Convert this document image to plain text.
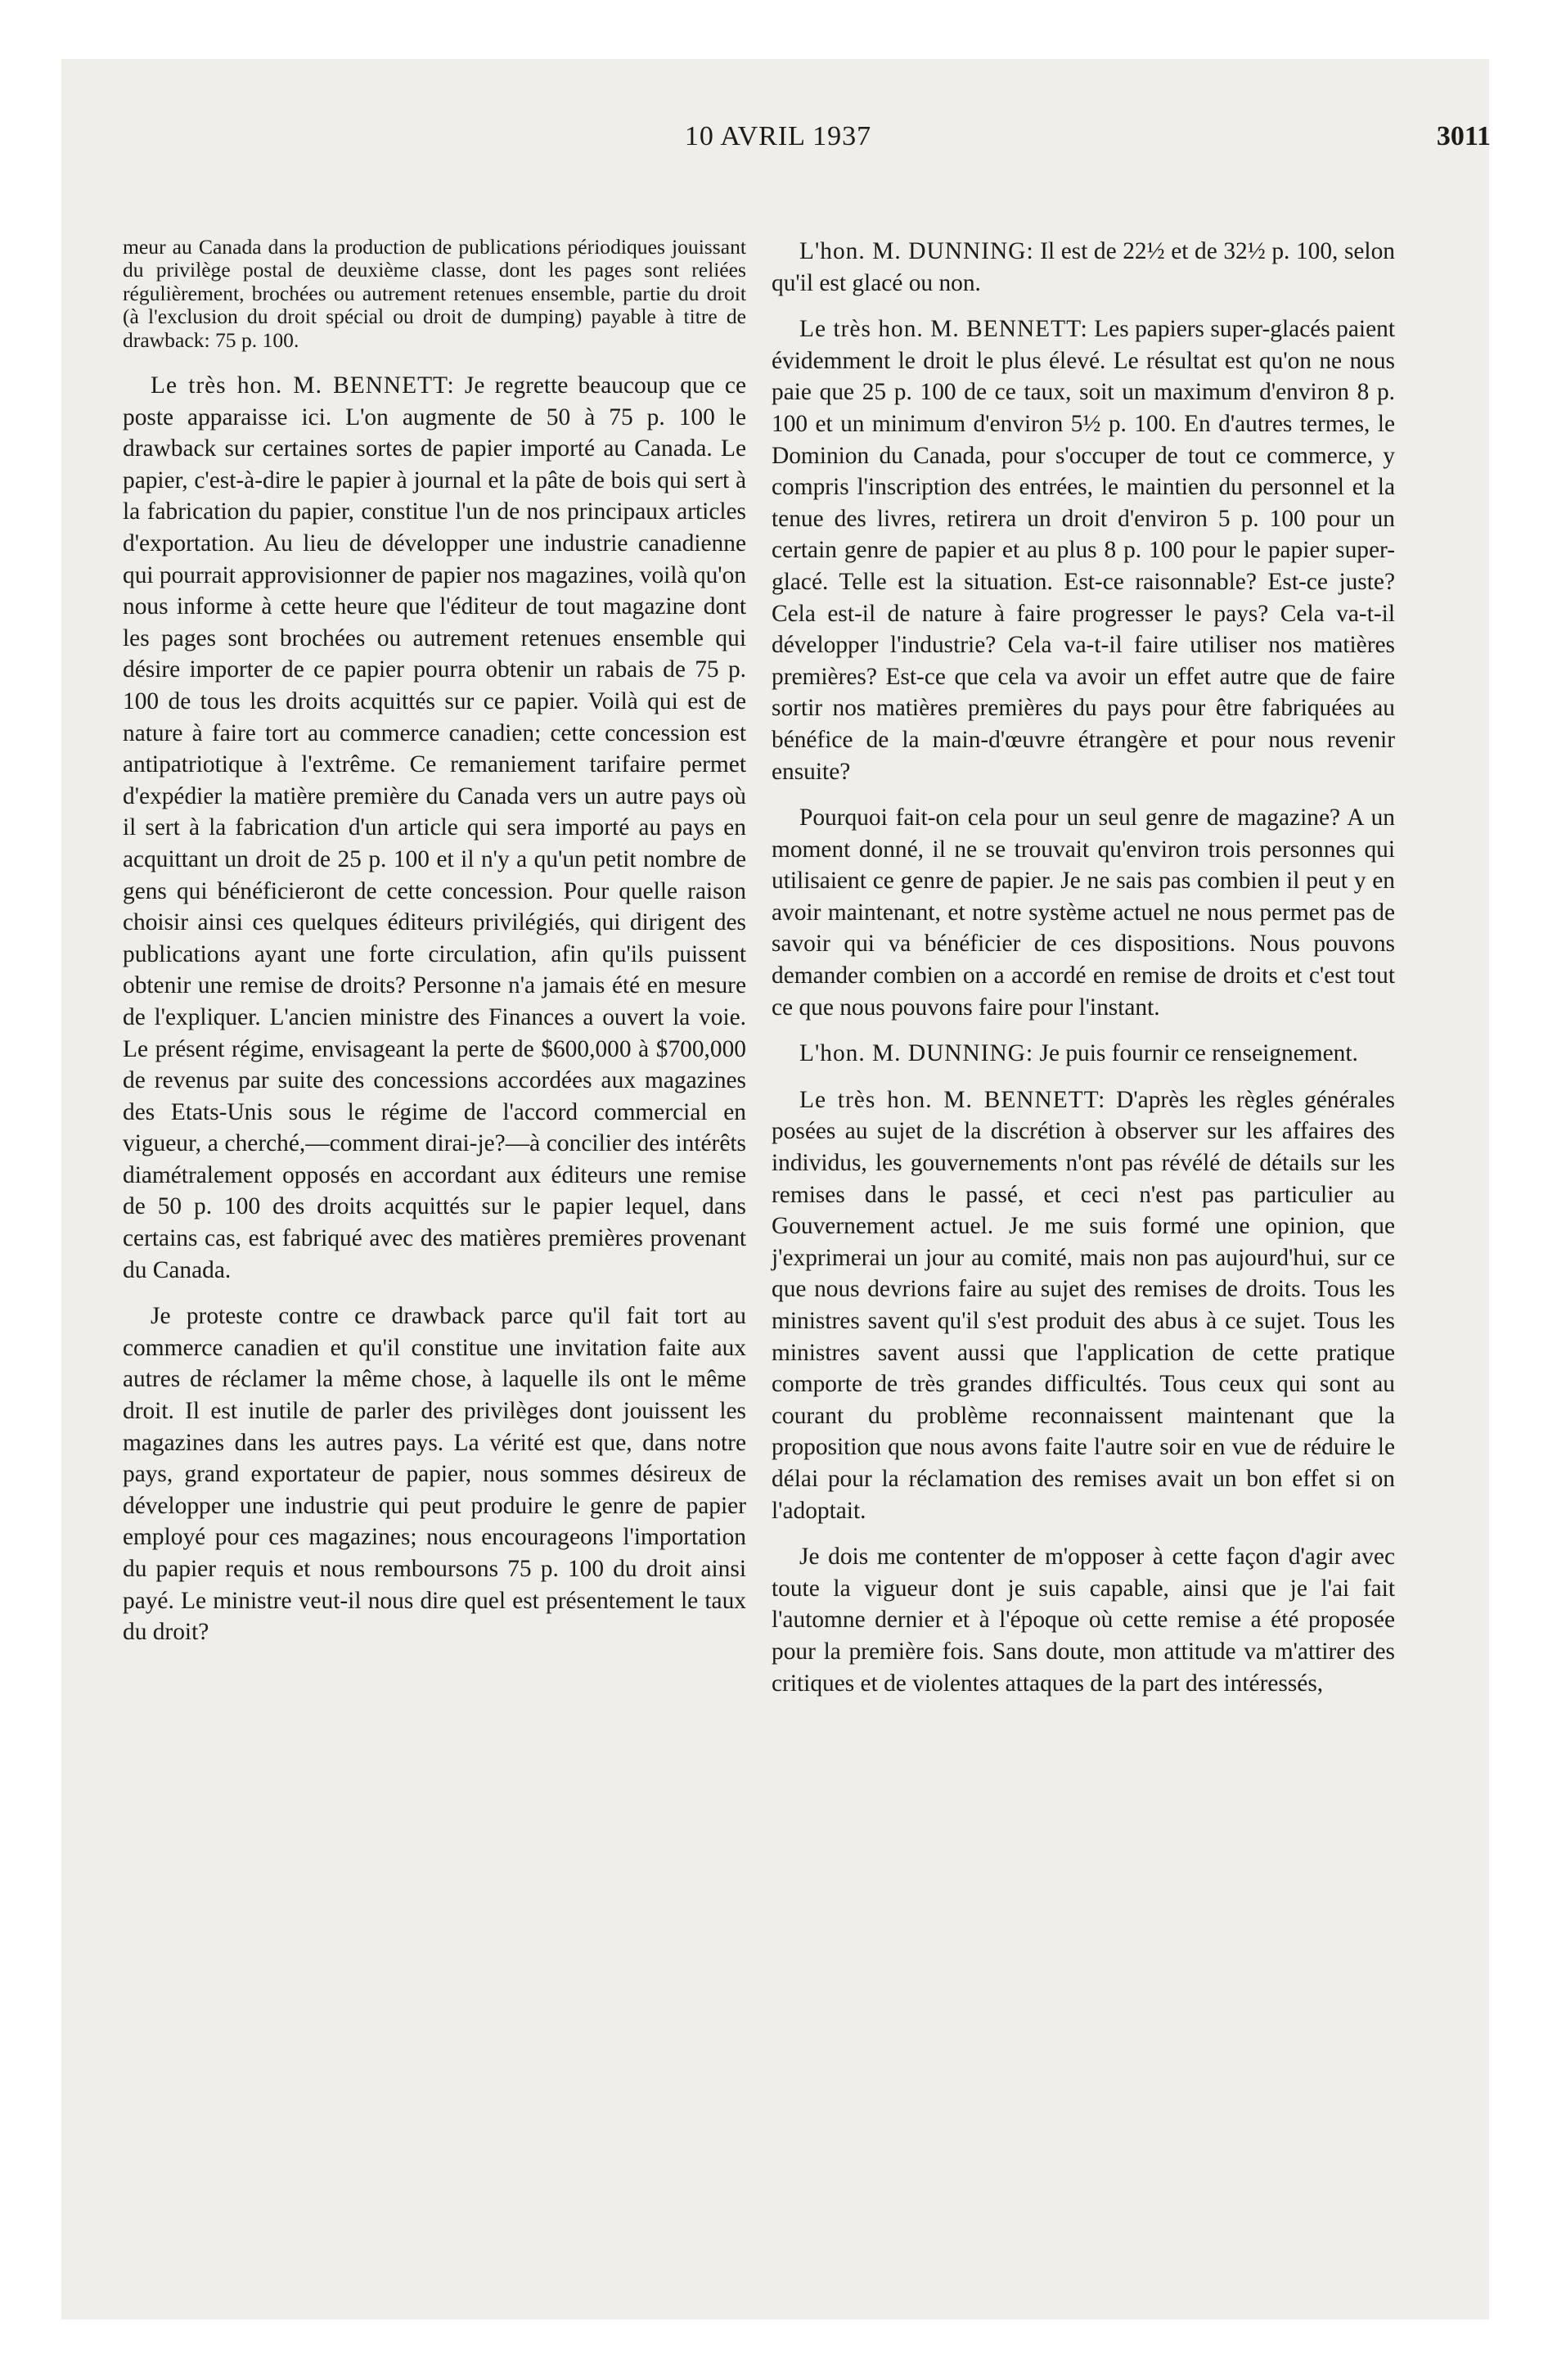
10 AVRIL 1937	3011

meur au Canada dans la production de publications périodiques jouissant du privilège postal de deuxième classe, dont les pages sont reliées régulièrement, brochées ou autrement retenues ensemble, partie du droit (à l'exclusion du droit spécial ou droit de dumping) payable à titre de drawback: 75 p. 100.

Le très hon. M. BENNETT: Je regrette beaucoup que ce poste apparaisse ici. L'on augmente de 50 à 75 p. 100 le drawback sur certaines sortes de papier importé au Canada. Le papier, c'est-à-dire le papier à journal et la pâte de bois qui sert à la fabrication du papier, constitue l'un de nos principaux articles d'exportation. Au lieu de développer une industrie canadienne qui pourrait approvisionner de papier nos magazines, voilà qu'on nous informe à cette heure que l'éditeur de tout magazine dont les pages sont brochées ou autrement retenues ensemble qui désire importer de ce papier pourra obtenir un rabais de 75 p. 100 de tous les droits acquittés sur ce papier. Voilà qui est de nature à faire tort au commerce canadien; cette concession est antipatriotique à l'extrême. Ce remaniement tarifaire permet d'expédier la matière première du Canada vers un autre pays où il sert à la fabrication d'un article qui sera importé au pays en acquittant un droit de 25 p. 100 et il n'y a qu'un petit nombre de gens qui bénéficieront de cette concession. Pour quelle raison choisir ainsi ces quelques éditeurs privilégiés, qui dirigent des publications ayant une forte circulation, afin qu'ils puissent obtenir une remise de droits? Personne n'a jamais été en mesure de l'expliquer. L'ancien ministre des Finances a ouvert la voie. Le présent régime, envisageant la perte de $600,000 à $700,000 de revenus par suite des concessions accordées aux magazines des Etats-Unis sous le régime de l'accord commercial en vigueur, a cherché,—comment dirai-je?—à concilier des intérêts diamétralement opposés en accordant aux éditeurs une remise de 50 p. 100 des droits acquittés sur le papier lequel, dans certains cas, est fabriqué avec des matières premières provenant du Canada.

Je proteste contre ce drawback parce qu'il fait tort au commerce canadien et qu'il constitue une invitation faite aux autres de réclamer la même chose, à laquelle ils ont le même droit. Il est inutile de parler des privilèges dont jouissent les magazines dans les autres pays. La vérité est que, dans notre pays, grand exportateur de papier, nous sommes désireux de développer une industrie qui peut produire le genre de papier employé pour ces magazines; nous encourageons l'importation du papier requis et nous remboursons 75 p. 100 du droit ainsi payé. Le ministre veut-il nous dire quel est présentement le taux du droit?

L'hon. M. DUNNING: Il est de 22½ et de 32½ p. 100, selon qu'il est glacé ou non.

Le très hon. M. BENNETT: Les papiers super-glacés paient évidemment le droit le plus élevé. Le résultat est qu'on ne nous paie que 25 p. 100 de ce taux, soit un maximum d'environ 8 p. 100 et un minimum d'environ 5½ p. 100. En d'autres termes, le Dominion du Canada, pour s'occuper de tout ce commerce, y compris l'inscription des entrées, le maintien du personnel et la tenue des livres, retirera un droit d'environ 5 p. 100 pour un certain genre de papier et au plus 8 p. 100 pour le papier super-glacé. Telle est la situation. Est-ce raisonnable? Est-ce juste? Cela est-il de nature à faire progresser le pays? Cela va-t-il développer l'industrie? Cela va-t-il faire utiliser nos matières premières? Est-ce que cela va avoir un effet autre que de faire sortir nos matières premières du pays pour être fabriquées au bénéfice de la main-d'œuvre étrangère et pour nous revenir ensuite?

Pourquoi fait-on cela pour un seul genre de magazine? A un moment donné, il ne se trouvait qu'environ trois personnes qui utilisaient ce genre de papier. Je ne sais pas combien il peut y en avoir maintenant, et notre système actuel ne nous permet pas de savoir qui va bénéficier de ces dispositions. Nous pouvons demander combien on a accordé en remise de droits et c'est tout ce que nous pouvons faire pour l'instant.

L'hon. M. DUNNING: Je puis fournir ce renseignement.

Le très hon. M. BENNETT: D'après les règles générales posées au sujet de la discrétion à observer sur les affaires des individus, les gouvernements n'ont pas révélé de détails sur les remises dans le passé, et ceci n'est pas particulier au Gouvernement actuel. Je me suis formé une opinion, que j'exprimerai un jour au comité, mais non pas aujourd'hui, sur ce que nous devrions faire au sujet des remises de droits. Tous les ministres savent qu'il s'est produit des abus à ce sujet. Tous les ministres savent aussi que l'application de cette pratique comporte de très grandes difficultés. Tous ceux qui sont au courant du problème reconnaissent maintenant que la proposition que nous avons faite l'autre soir en vue de réduire le délai pour la réclamation des remises avait un bon effet si on l'adoptait.

Je dois me contenter de m'opposer à cette façon d'agir avec toute la vigueur dont je suis capable, ainsi que je l'ai fait l'automne dernier et à l'époque où cette remise a été proposée pour la première fois. Sans doute, mon attitude va m'attirer des critiques et de violentes attaques de la part des intéressés,
